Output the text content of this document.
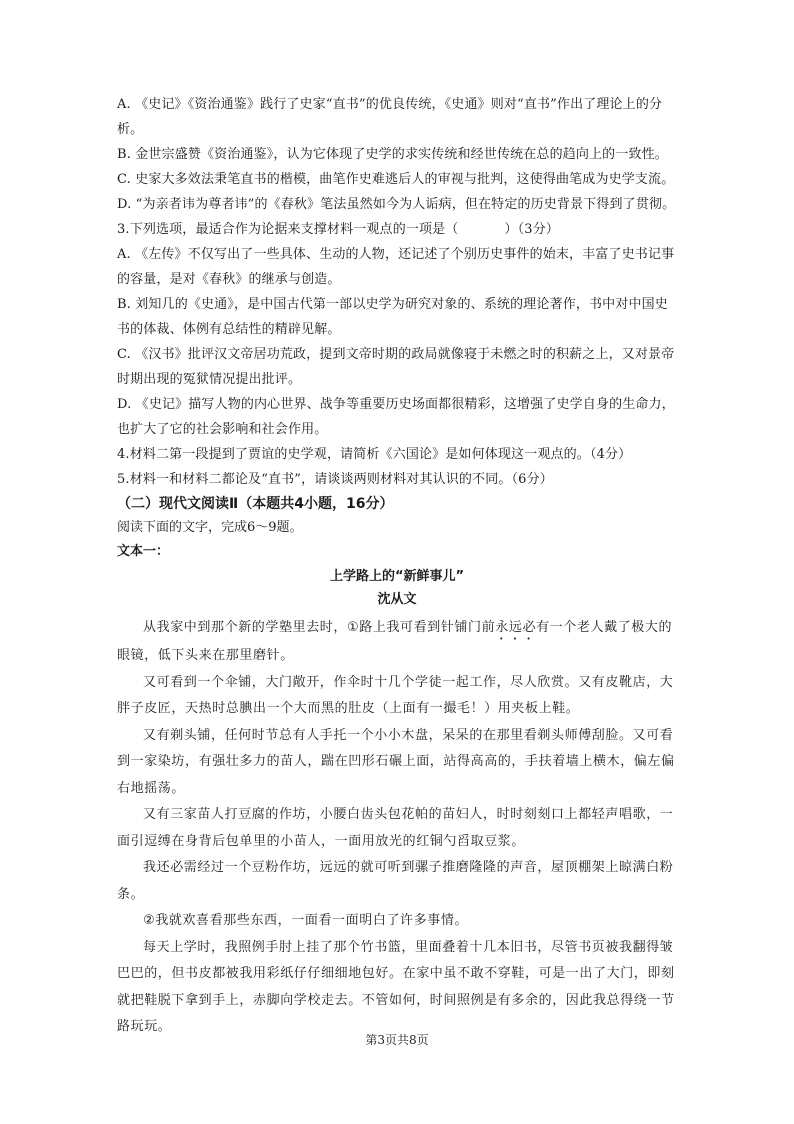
A. 《史记》《资治通鉴》践行了史家“直书”的优良传统，《史通》则对“直书”作出了理论上的分析。

B. 金世宗盛赞《资治通鉴》，认为它体现了史学的求实传统和经世传统在总的趋向上的一致性。

C. 史家大多效法秉笔直书的楷模，曲笔作史难逃后人的审视与批判，这使得曲笔成为史学支流。

D. “为亲者讳为尊者讳”的《春秋》笔法虽然如今为人诟病，但在特定的历史背景下得到了贯彻。

3.下列选项，最适合作为论据来支撑材料一观点的一项是（	）（3分）

A. 《左传》不仅写出了一些具体、生动的人物，还记述了个别历史事件的始末，丰富了史书记事的容量，是对《春秋》的继承与创造。

B. 刘知几的《史通》，是中国古代第一部以史学为研究对象的、系统的理论著作，书中对中国史书的体裁、体例有总结性的精辟见解。

C. 《汉书》批评汉文帝居功荒政，提到文帝时期的政局就像寝于未燃之时的积薪之上，又对景帝时期出现的冤狱情况提出批评。

D. 《史记》描写人物的内心世界、战争等重要历史场面都很精彩，这增强了史学自身的生命力，也扩大了它的社会影响和社会作用。

4.材料二第一段提到了贾谊的史学观，请简析《六国论》是如何体现这一观点的。（4分）

5.材料一和材料二都论及“直书”，请谈谈两则材料对其认识的不同。（6分）

（二）现代文阅读Ⅱ（本题共4小题，16分）

阅读下面的文字，完成6～9题。

文本一：

上学路上的“新鲜事儿”

沈从文

从我家中到那个新的学塾里去时，①路上我可看到针铺门前永远必有一个老人戴了极大的眼镜，低下头来在那里磨针。

又可看到一个伞铺，大门敞开，作伞时十几个学徒一起工作，尽人欣赏。又有皮靴店，大胖子皮匠，天热时总腆出一个大而黑的肚皮（上面有一撮毛！）用夹板上鞋。

又有剃头铺，任何时节总有人手托一个小小木盘，呆呆的在那里看剃头师傅刮脸。又可看到一家染坊，有强壮多力的苗人，踹在凹形石碾上面，站得高高的，手扶着墙上横木，偏左偏右地摇荡。

又有三家苗人打豆腐的作坊，小腰白齿头包花帕的苗妇人，时时刻刻口上都轻声唱歌，一面引逗缚在身背后包单里的小苗人，一面用放光的红铜勺舀取豆浆。

我还必需经过一个豆粉作坊，远远的就可听到骡子推磨隆隆的声音，屋顶棚架上晾满白粉条。

②我就欢喜看那些东西，一面看一面明白了许多事情。

每天上学时，我照例手肘上挂了那个竹书篮，里面叠着十几本旧书，尽管书页被我翻得皱巴巴的，但书皮都被我用彩纸仔仔细细地包好。在家中虽不敢不穿鞋，可是一出了大门，即刻就把鞋脱下拿到手上，赤脚向学校走去。不管如何，时间照例是有多余的，因此我总得绕一节路玩玩。

第3页共8页
